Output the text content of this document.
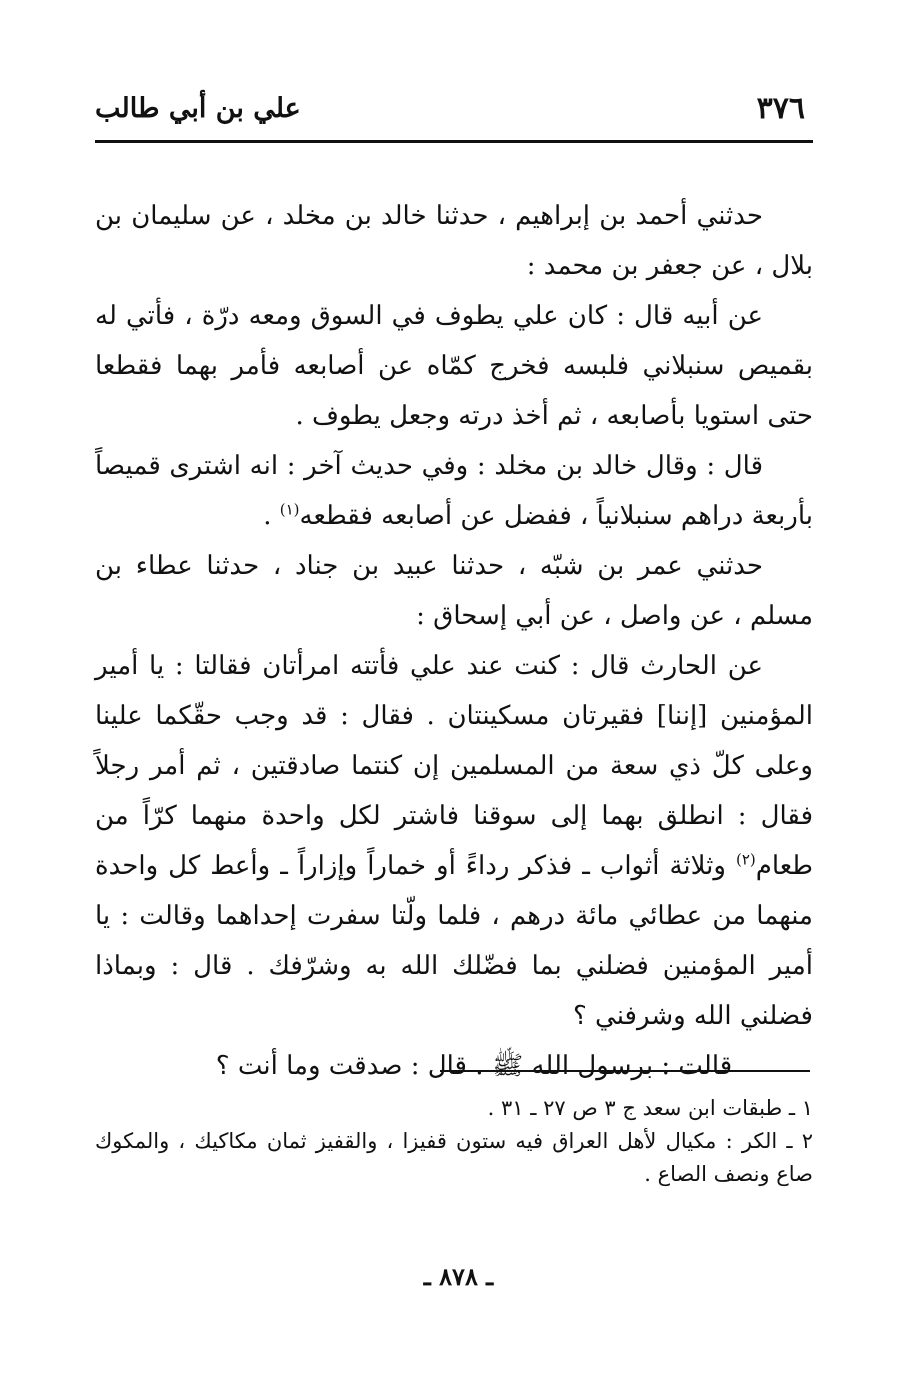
٣٧٦
علي بن أبي طالب

حدثني أحمد بن إبراهيم ، حدثنا خالد بن مخلد ، عن سليمان بن بلال ، عن جعفر بن محمد :

عن أبيه قال : كان علي يطوف في السوق ومعه درّة ، فأتي له بقميص سنبلاني فلبسه فخرج كمّاه عن أصابعه فأمر بهما فقطعا حتى استويا بأصابعه ، ثم أخذ درته وجعل يطوف .

قال : وقال خالد بن مخلد : وفي حديث آخر : انه اشترى قميصاً بأربعة دراهم سنبلانياً ، ففضل عن أصابعه فقطعه$^{(١)}$ .

حدثني عمر بن شبّه ، حدثنا عبيد بن جناد ، حدثنا عطاء بن مسلم ، عن واصل ، عن أبي إسحاق :

عن الحارث قال : كنت عند علي فأتته امرأتان فقالتا : يا أمير المؤمنين [إننا] فقيرتان مسكينتان . فقال : قد وجب حقّكما علينا وعلى كلّ ذي سعة من المسلمين إن كنتما صادقتين ، ثم أمر رجلاً فقال : انطلق بهما إلى سوقنا فاشتر لكل واحدة منهما كرّاً من طعام$^{(٢)}$ وثلاثة أثواب ـ فذكر رداءً أو خماراً وإزاراً ـ وأعط كل واحدة منهما من عطائي مائة درهم ، فلما ولّتا سفرت إحداهما وقالت : يا أمير المؤمنين فضلني بما فضّلك الله به وشرّفك . قال : وبماذا فضلني الله وشرفني ؟

قالت : برسول الله ﷺ . قال : صدقت وما أنت ؟

١ ـ طبقات ابن سعد ج ٣ ص ٢٧ ـ ٣١ .

٢ ـ الكر : مكيال لأهل العراق فيه ستون قفيزا ، والقفيز ثمان مكاكيك ، والمكوك صاع ونصف الصاع .

ـ ٨٧٨ ـ
